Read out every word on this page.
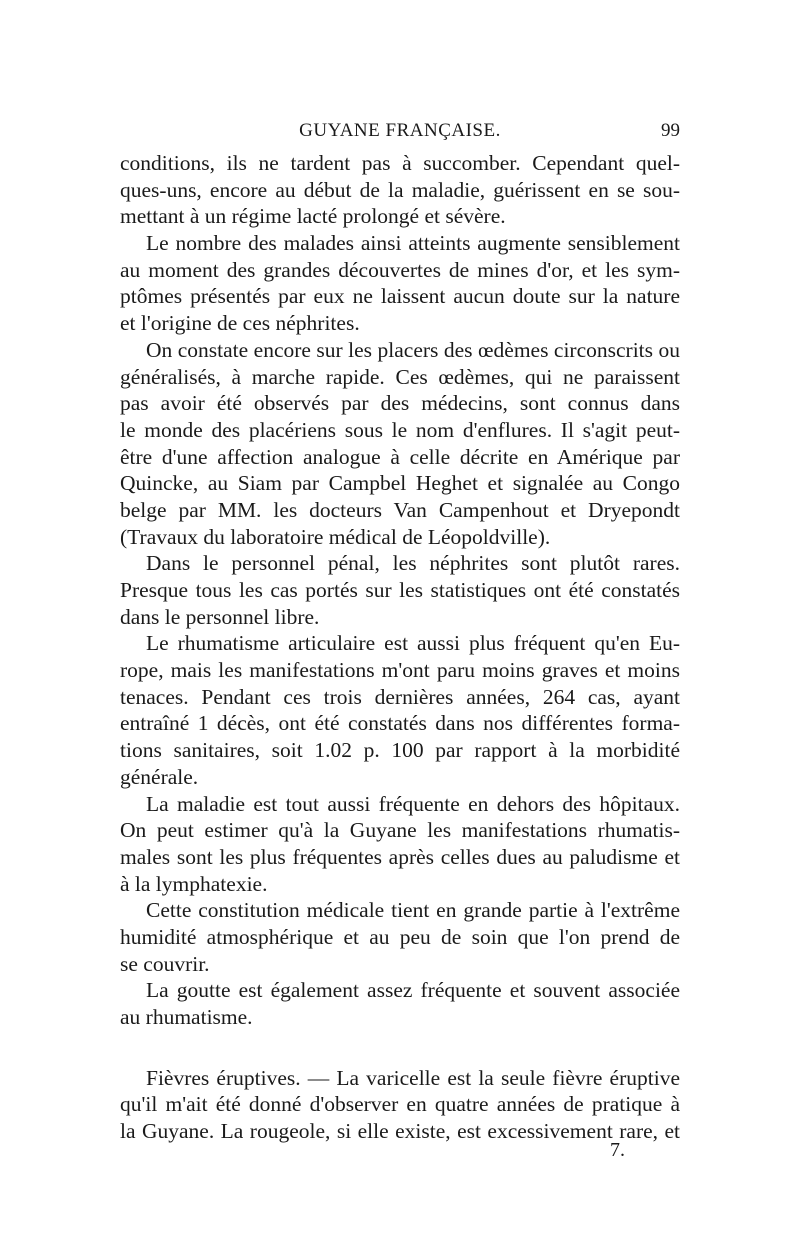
GUYANE FRANÇAISE.	99
conditions, ils ne tardent pas à succomber. Cependant quel-
ques-uns, encore au début de la maladie, guérissent en se sou-
mettant à un régime lacté prolongé et sévère.
Le nombre des malades ainsi atteints augmente sensiblement
au moment des grandes découvertes de mines d'or, et les sym-
ptômes présentés par eux ne laissent aucun doute sur la nature
et l'origine de ces néphrites.
On constate encore sur les placers des œdèmes circonscrits ou
généralisés, à marche rapide. Ces œdèmes, qui ne paraissent
pas avoir été observés par des médecins, sont connus dans
le monde des placériens sous le nom d'enflures. Il s'agit peut-
être d'une affection analogue à celle décrite en Amérique par
Quincke, au Siam par Campbel Heghet et signalée au Congo
belge par MM. les docteurs Van Campenhout et Dryepondt
(Travaux du laboratoire médical de Léopoldville).
Dans le personnel pénal, les néphrites sont plutôt rares.
Presque tous les cas portés sur les statistiques ont été constatés
dans le personnel libre.
Le rhumatisme articulaire est aussi plus fréquent qu'en Eu-
rope, mais les manifestations m'ont paru moins graves et moins
tenaces. Pendant ces trois dernières années, 264 cas, ayant
entraîné 1 décès, ont été constatés dans nos différentes forma-
tions sanitaires, soit 1.02 p. 100 par rapport à la morbidité
générale.
La maladie est tout aussi fréquente en dehors des hôpitaux.
On peut estimer qu'à la Guyane les manifestations rhumatis-
males sont les plus fréquentes après celles dues au paludisme et
à la lymphatexie.
Cette constitution médicale tient en grande partie à l'extrême
humidité atmosphérique et au peu de soin que l'on prend de
se couvrir.
La goutte est également assez fréquente et souvent associée
au rhumatisme.
Fièvres éruptives. — La varicelle est la seule fièvre éruptive
qu'il m'ait été donné d'observer en quatre années de pratique à
la Guyane. La rougeole, si elle existe, est excessivement rare, et
7.
